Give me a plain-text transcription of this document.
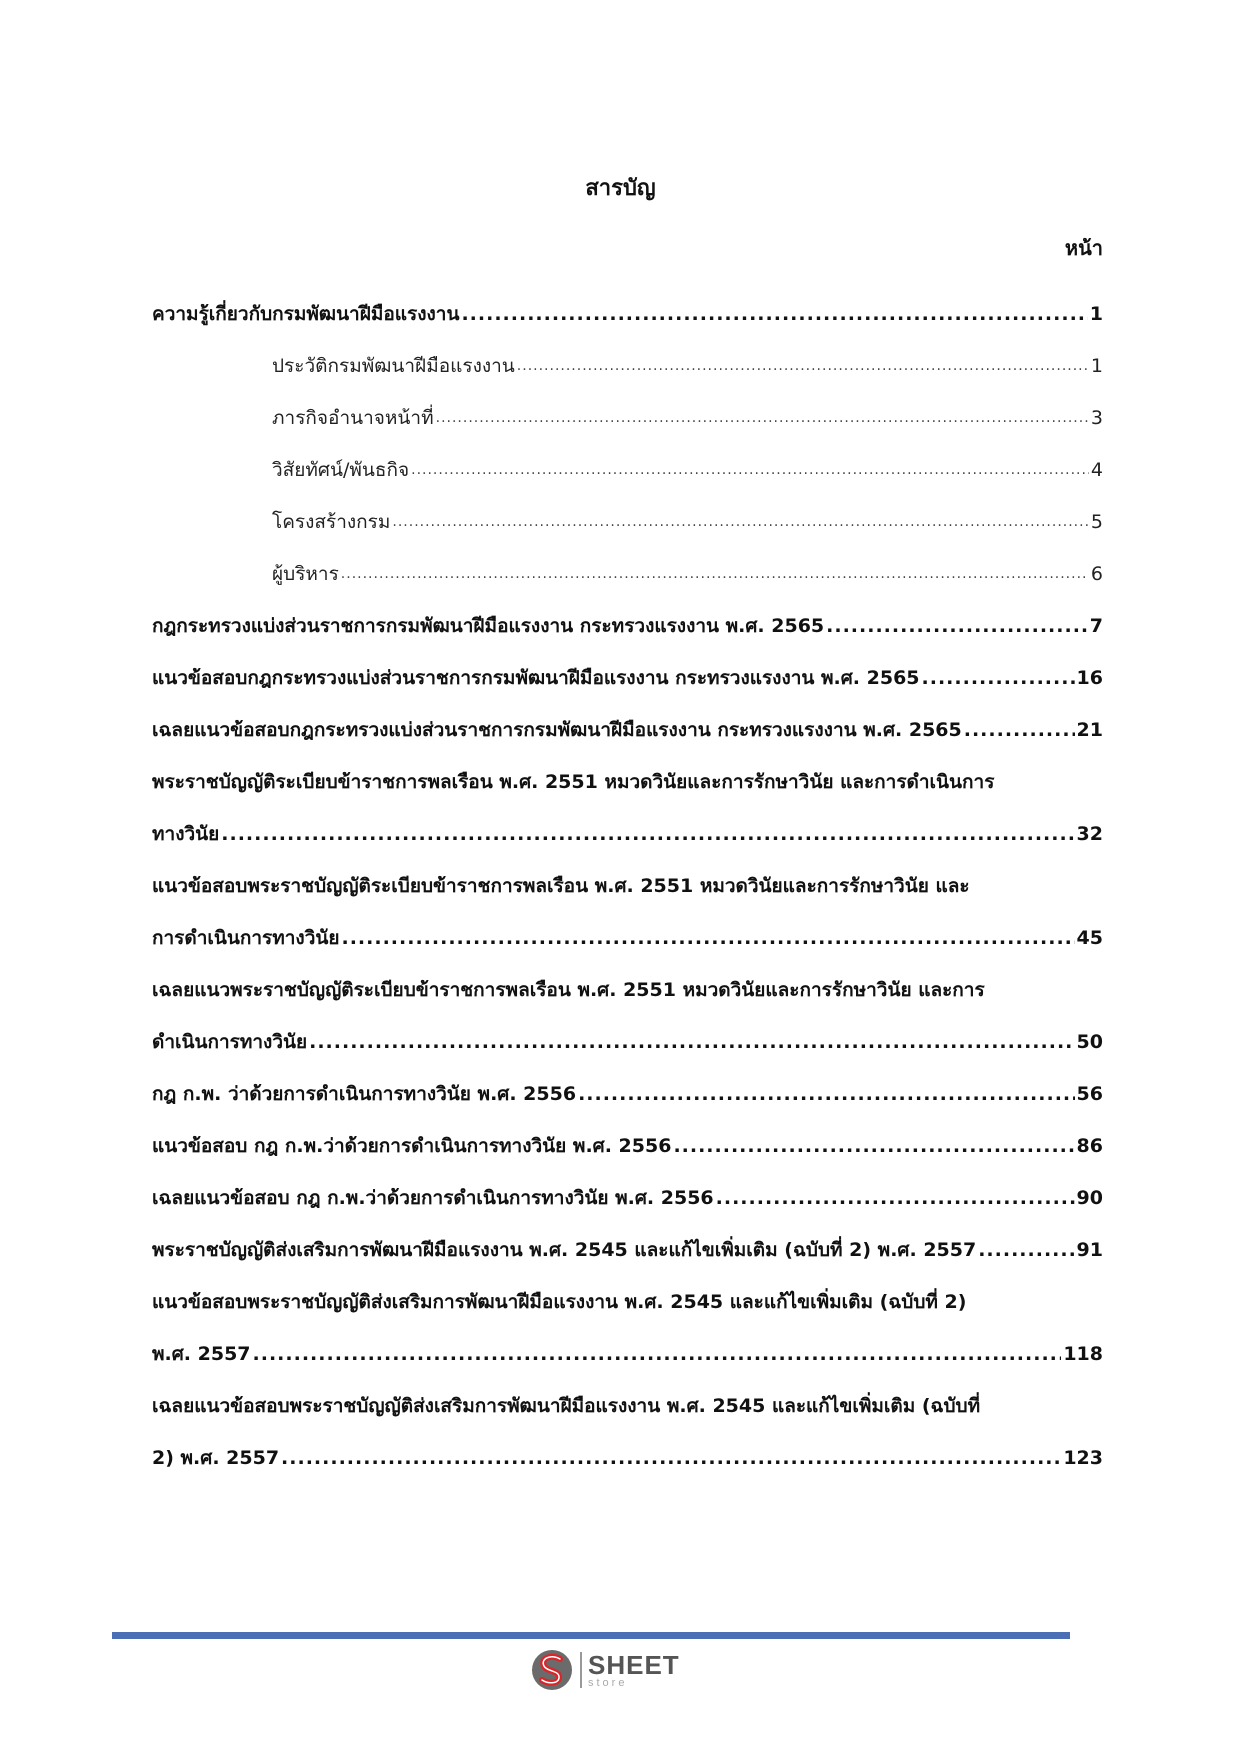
สารบัญ
หน้า
ความรู้เกี่ยวกับกรมพัฒนาฝีมือแรงงาน .....	1
ประวัติกรมพัฒนาฝีมือแรงงาน .....	1
ภารกิจอำนาจหน้าที่ .....	3
วิสัยทัศน์/พันธกิจ .....	4
โครงสร้างกรม .....	5
ผู้บริหาร .....	6
กฎกระทรวงแบ่งส่วนราชการกรมพัฒนาฝีมือแรงงาน กระทรวงแรงงาน พ.ศ. 2565 .....	7
แนวข้อสอบกฎกระทรวงแบ่งส่วนราชการกรมพัฒนาฝีมือแรงงาน กระทรวงแรงงาน พ.ศ. 2565 .....	16
เฉลยแนวข้อสอบกฎกระทรวงแบ่งส่วนราชการกรมพัฒนาฝีมือแรงงาน กระทรวงแรงงาน พ.ศ. 2565 .....	21
พระราชบัญญัติระเบียบข้าราชการพลเรือน พ.ศ. 2551 หมวดวินัยและการรักษาวินัย และการดำเนินการ
ทางวินัย .....	32
แนวข้อสอบพระราชบัญญัติระเบียบข้าราชการพลเรือน พ.ศ. 2551 หมวดวินัยและการรักษาวินัย และ
การดำเนินการทางวินัย .....	45
เฉลยแนวพระราชบัญญัติระเบียบข้าราชการพลเรือน พ.ศ. 2551 หมวดวินัยและการรักษาวินัย และการ
ดำเนินการทางวินัย .....	50
กฎ ก.พ. ว่าด้วยการดำเนินการทางวินัย พ.ศ. 2556 .....	56
แนวข้อสอบ กฎ ก.พ.ว่าด้วยการดำเนินการทางวินัย พ.ศ. 2556 .....	86
เฉลยแนวข้อสอบ กฎ ก.พ.ว่าด้วยการดำเนินการทางวินัย พ.ศ. 2556 .....	90
พระราชบัญญัติส่งเสริมการพัฒนาฝีมือแรงงาน พ.ศ. 2545 และแก้ไขเพิ่มเติม (ฉบับที่ 2) พ.ศ. 2557 .....	91
แนวข้อสอบพระราชบัญญัติส่งเสริมการพัฒนาฝีมือแรงงาน พ.ศ. 2545 และแก้ไขเพิ่มเติม (ฉบับที่ 2)
พ.ศ. 2557 .....	118
เฉลยแนวข้อสอบพระราชบัญญัติส่งเสริมการพัฒนาฝีมือแรงงาน พ.ศ. 2545 และแก้ไขเพิ่มเติม (ฉบับที่
2) พ.ศ. 2557 .....	123
SHEET
store
